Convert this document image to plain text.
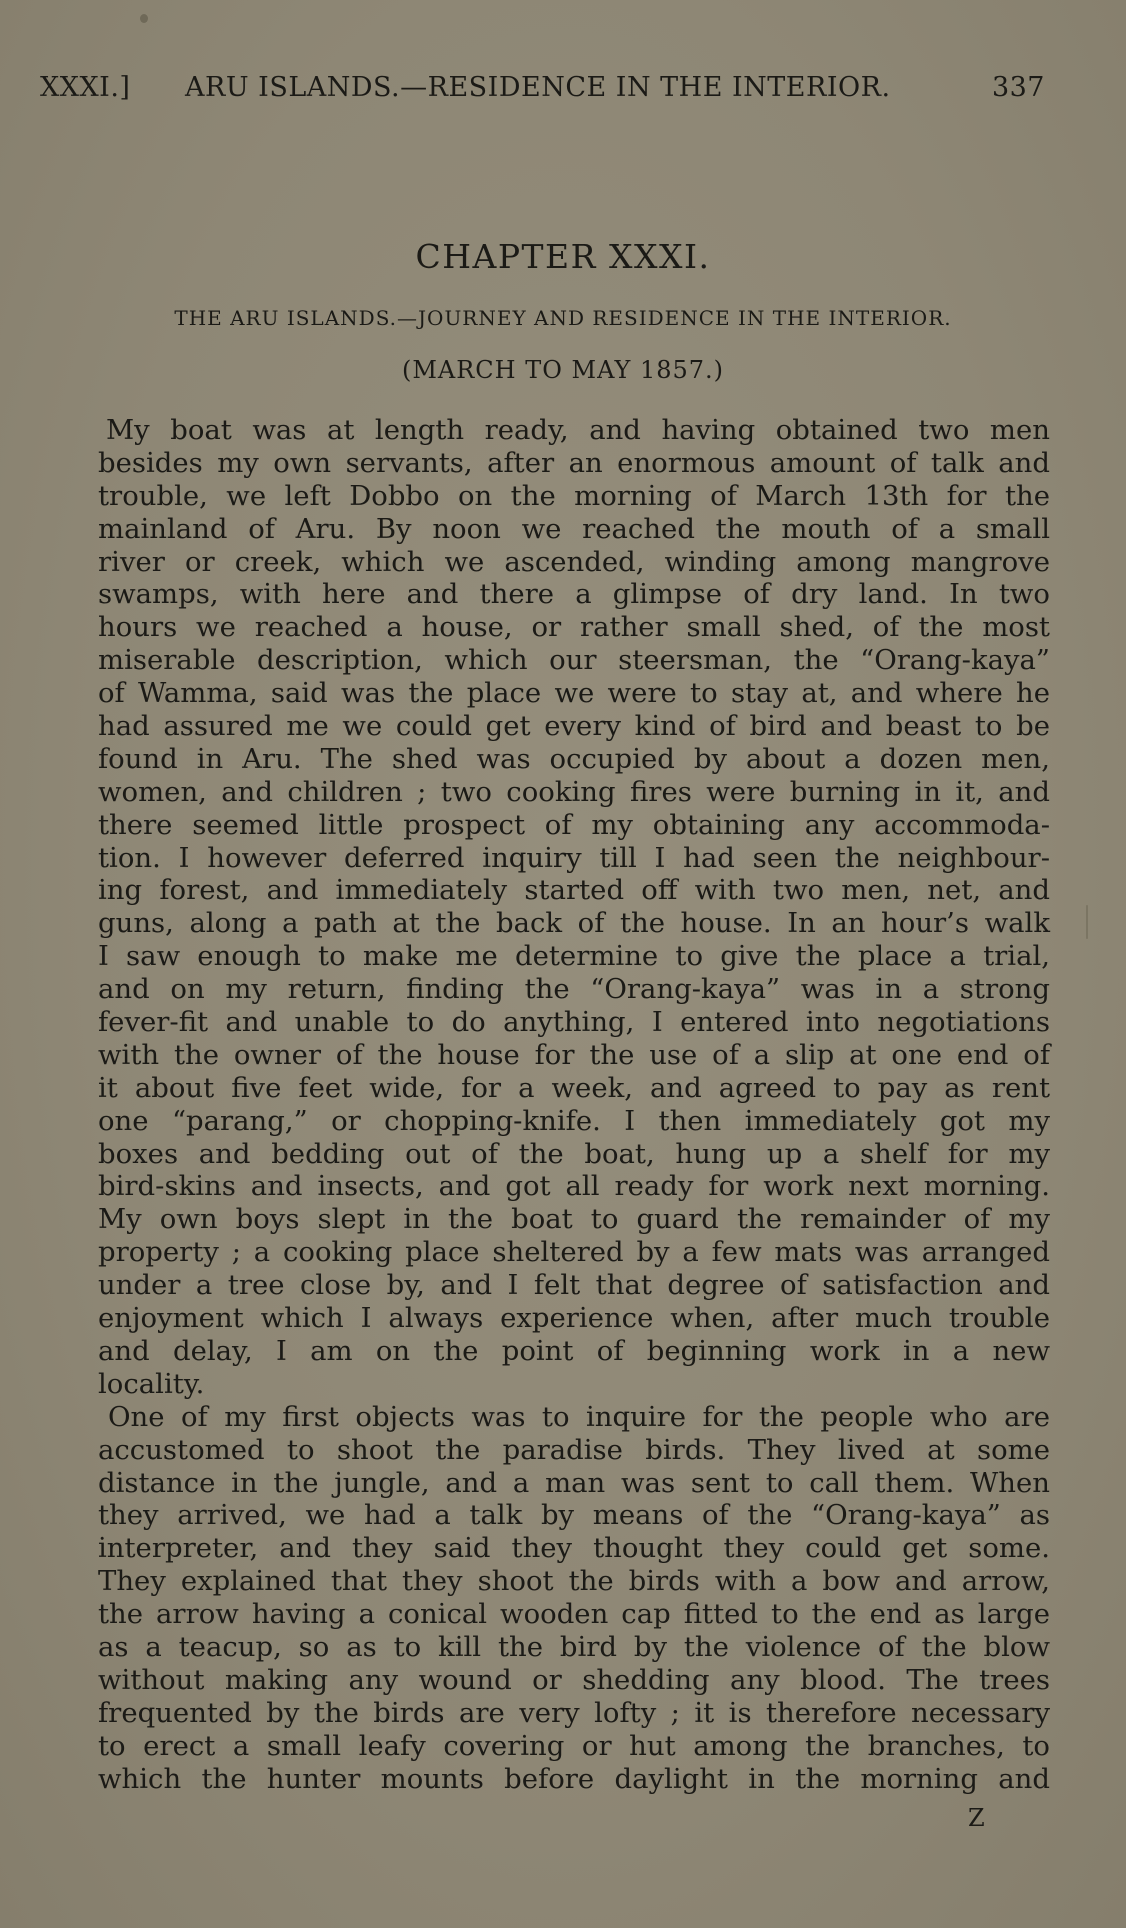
XXXI.] ARU ISLANDS.—RESIDENCE IN THE INTERIOR.	337
CHAPTER XXXI.
THE ARU ISLANDS.—JOURNEY AND RESIDENCE IN THE INTERIOR.
(MARCH TO MAY 1857.)
My boat was at length ready, and having obtained two men
besides my own servants, after an enormous amount of talk and
trouble, we left Dobbo on the morning of March 13th for the
mainland of Aru. By noon we reached the mouth of a small
river or creek, which we ascended, winding among mangrove
swamps, with here and there a glimpse of dry land. In two
hours we reached a house, or rather small shed, of the most
miserable description, which our steersman, the “Orang-kaya”
of Wamma, said was the place we were to stay at, and where he
had assured me we could get every kind of bird and beast to be
found in Aru. The shed was occupied by about a dozen men,
women, and children ; two cooking fires were burning in it, and
there seemed little prospect of my obtaining any accommoda-
tion. I however deferred inquiry till I had seen the neighbour-
ing forest, and immediately started off with two men, net, and
guns, along a path at the back of the house. In an hour’s walk
I saw enough to make me determine to give the place a trial,
and on my return, finding the “Orang-kaya” was in a strong
fever-fit and unable to do anything, I entered into negotiations
with the owner of the house for the use of a slip at one end of
it about five feet wide, for a week, and agreed to pay as rent
one “parang,” or chopping-knife. I then immediately got my
boxes and bedding out of the boat, hung up a shelf for my
bird-skins and insects, and got all ready for work next morning.
My own boys slept in the boat to guard the remainder of my
property ; a cooking place sheltered by a few mats was arranged
under a tree close by, and I felt that degree of satisfaction and
enjoyment which I always experience when, after much trouble
and delay, I am on the point of beginning work in a new
locality.
One of my first objects was to inquire for the people who are
accustomed to shoot the paradise birds. They lived at some
distance in the jungle, and a man was sent to call them. When
they arrived, we had a talk by means of the “Orang-kaya” as
interpreter, and they said they thought they could get some.
They explained that they shoot the birds with a bow and arrow,
the arrow having a conical wooden cap fitted to the end as large
as a teacup, so as to kill the bird by the violence of the blow
without making any wound or shedding any blood. The trees
frequented by the birds are very lofty ; it is therefore necessary
to erect a small leafy covering or hut among the branches, to
which the hunter mounts before daylight in the morning and
Z
